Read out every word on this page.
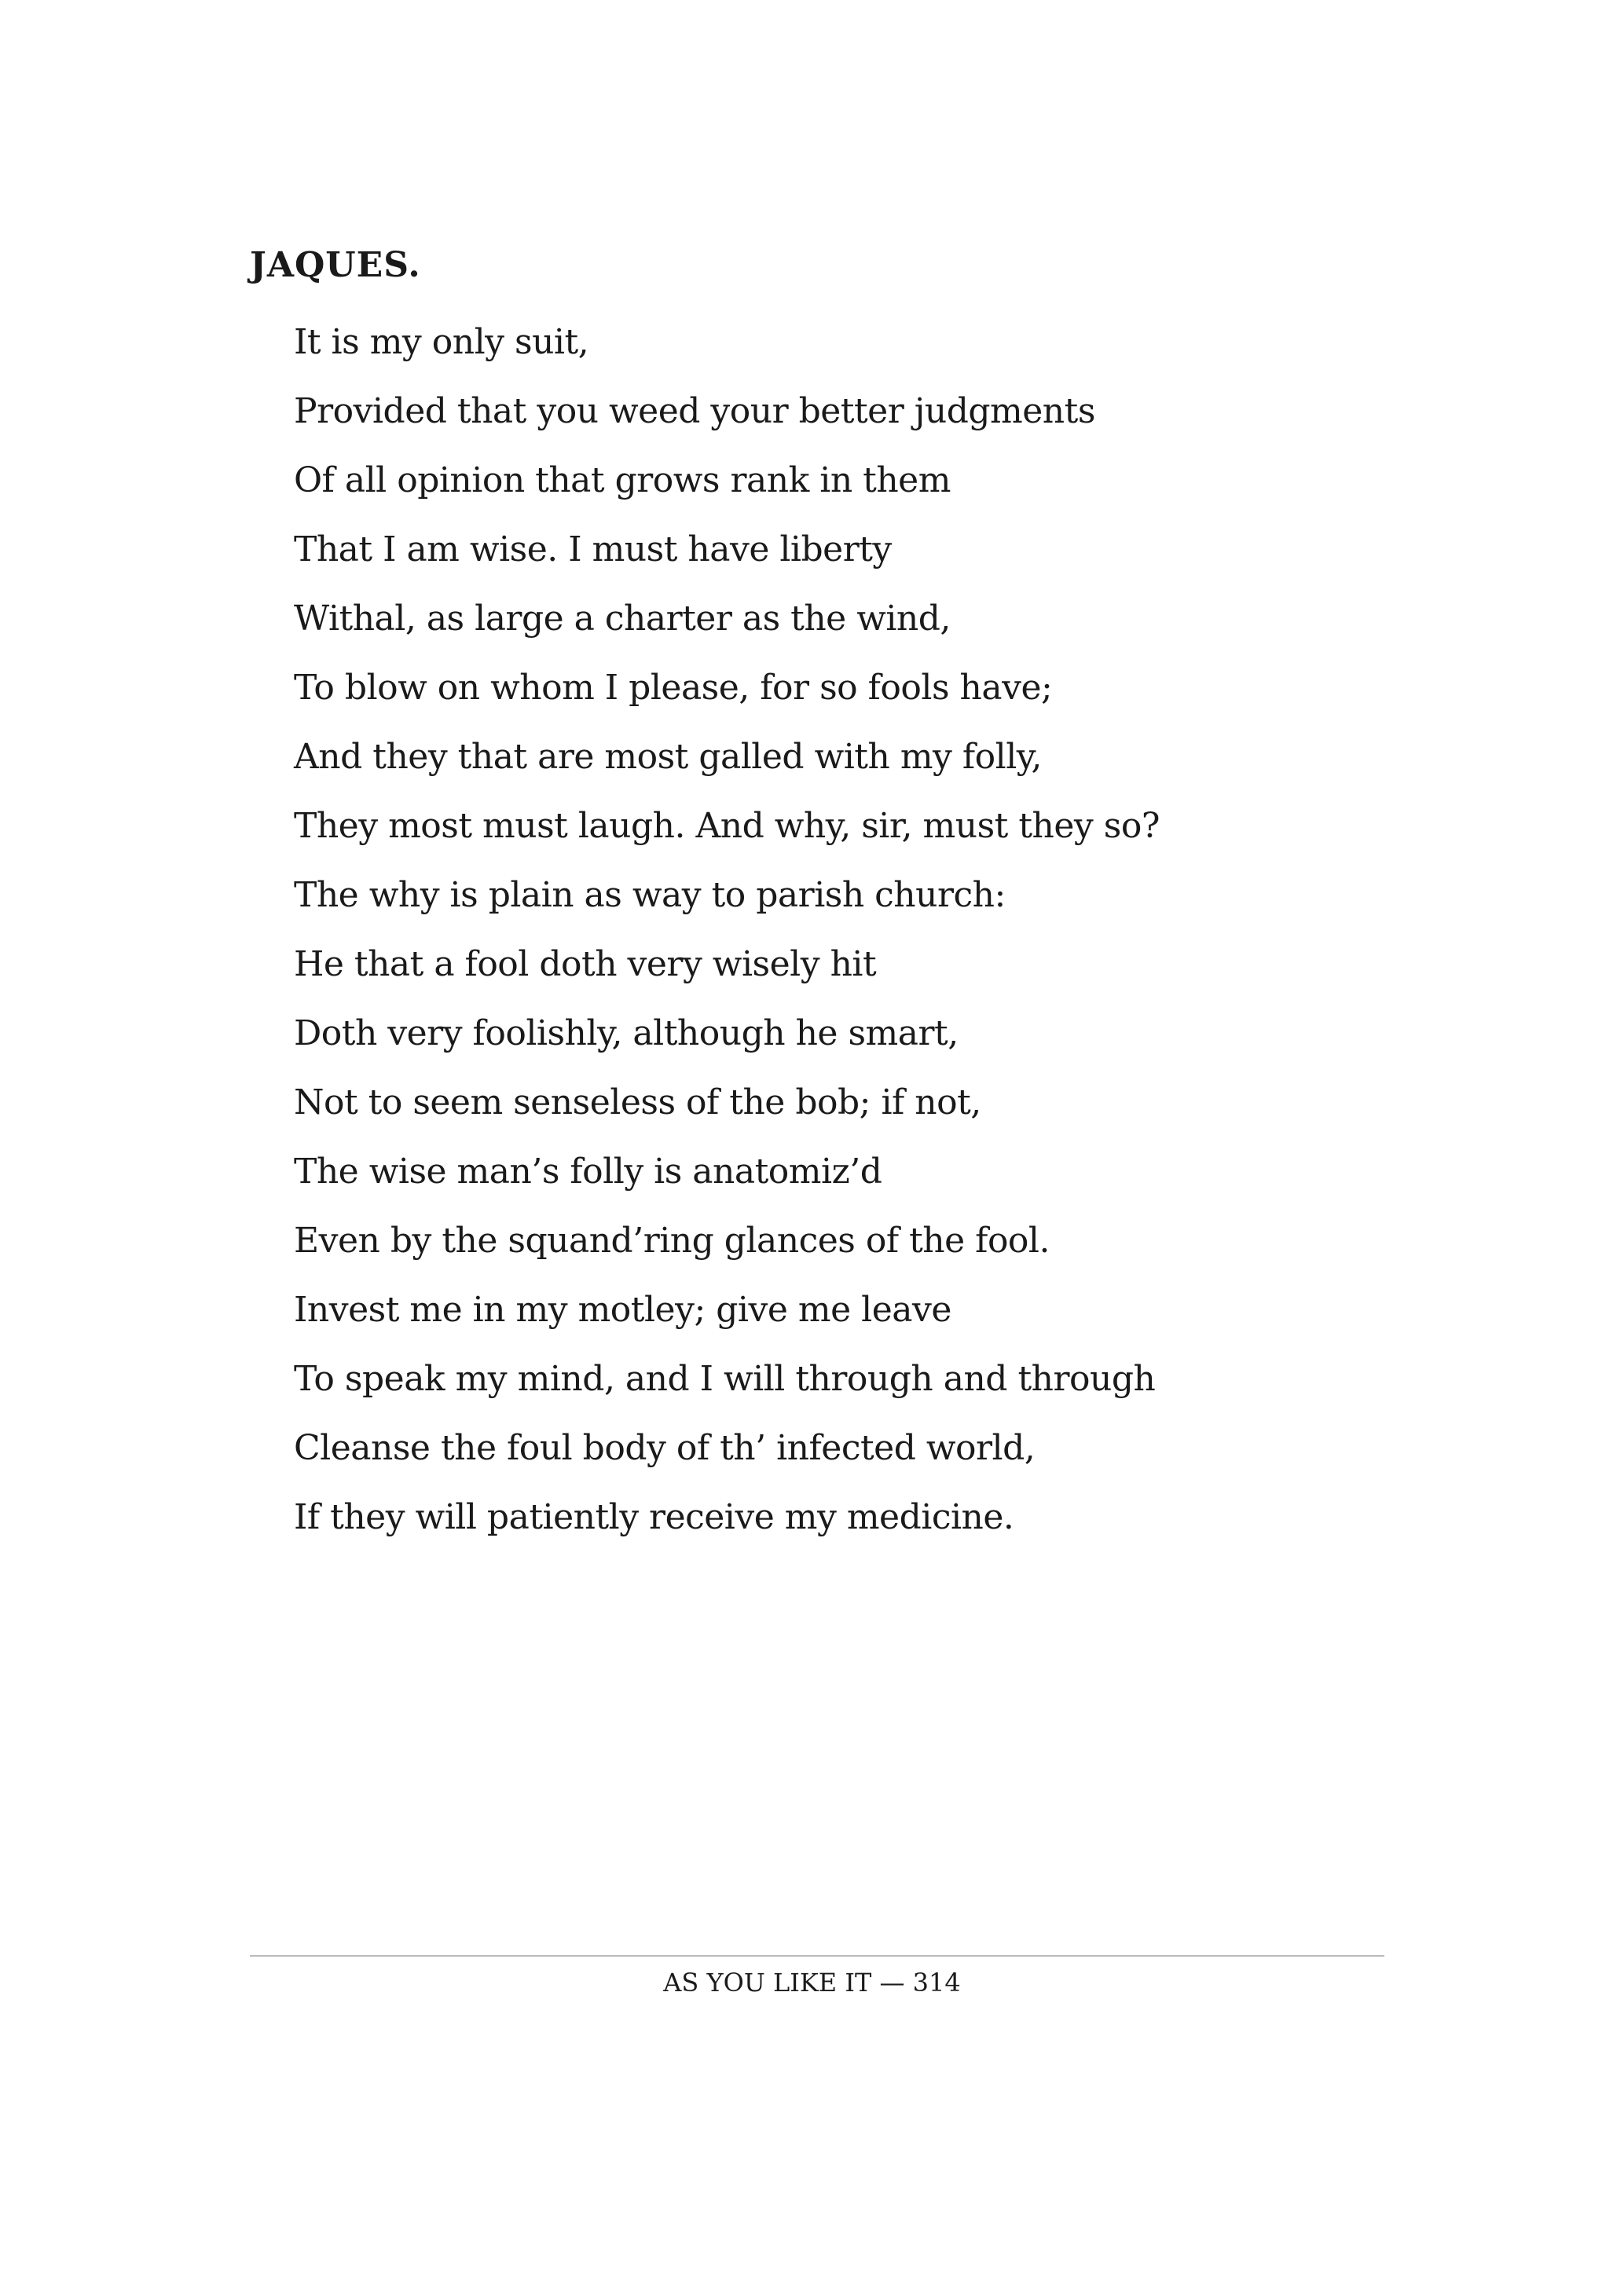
JAQUES.
It is my only suit,
Provided that you weed your better judgments
Of all opinion that grows rank in them
That I am wise. I must have liberty
Withal, as large a charter as the wind,
To blow on whom I please, for so fools have;
And they that are most galled with my folly,
They most must laugh. And why, sir, must they so?
The why is plain as way to parish church:
He that a fool doth very wisely hit
Doth very foolishly, although he smart,
Not to seem senseless of the bob; if not,
The wise man’s folly is anatomiz’d
Even by the squand’ring glances of the fool.
Invest me in my motley; give me leave
To speak my mind, and I will through and through
Cleanse the foul body of th’ infected world,
If they will patiently receive my medicine.
AS YOU LIKE IT — 314
